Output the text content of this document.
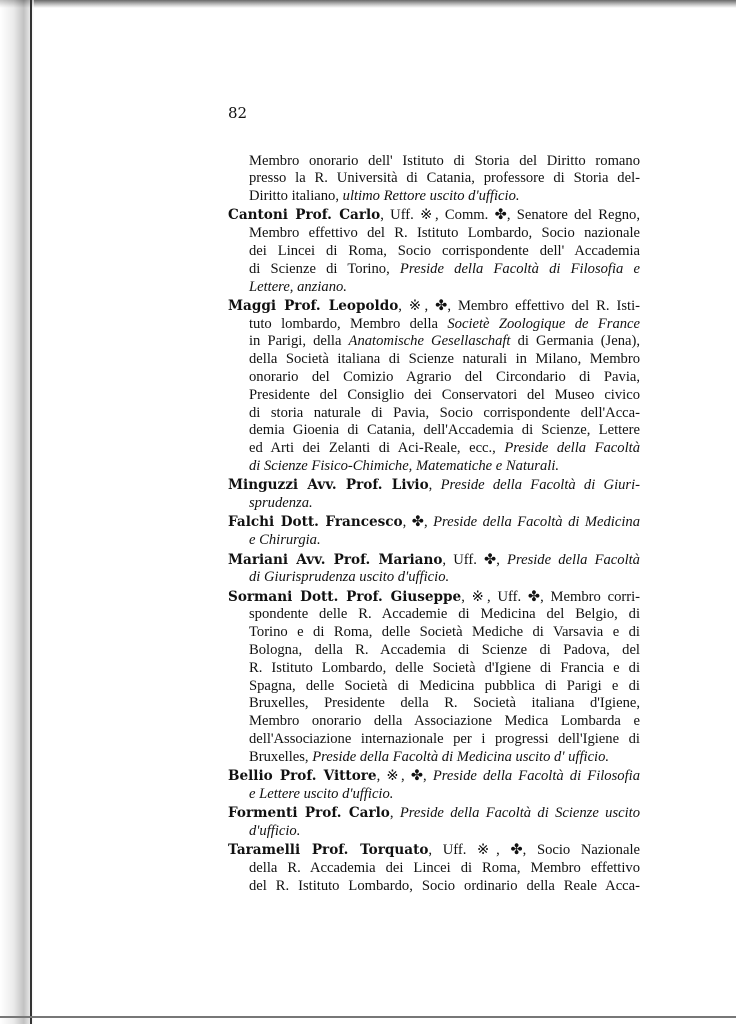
82
Membro onorario dell' Istituto di Storia del Diritto romano
presso la R. Università di Catania, professore di Storia del-
Diritto italiano, ultimo Rettore uscito d'ufficio.
Cantoni Prof. Carlo, Uff. ※, Comm. ✤, Senatore del Regno,
Membro effettivo del R. Istituto Lombardo, Socio nazionale
dei Lincei di Roma, Socio corrispondente dell' Accademia
di Scienze di Torino, Preside della Facoltà di Filosofia e
Lettere, anziano.
Maggi Prof. Leopoldo, ※, ✤, Membro effettivo del R. Isti-
tuto lombardo, Membro della Societè Zoologique de France
in Parigi, della Anatomische Gesellaschaft di Germania (Jena),
della Società italiana di Scienze naturali in Milano, Membro
onorario del Comizio Agrario del Circondario di Pavia,
Presidente del Consiglio dei Conservatori del Museo civico
di storia naturale di Pavia, Socio corrispondente dell'Acca-
demia Gioenia di Catania, dell'Accademia di Scienze, Lettere
ed Arti dei Zelanti di Aci-Reale, ecc., Preside della Facoltà
di Scienze Fisico-Chimiche, Matematiche e Naturali.
Minguzzi Avv. Prof. Livio, Preside della Facoltà di Giuri-
sprudenza.
Falchi Dott. Francesco, ✤, Preside della Facoltà di Medicina
e Chirurgia.
Mariani Avv. Prof. Mariano, Uff. ✤, Preside della Facoltà
di Giurisprudenza uscito d'ufficio.
Sormani Dott. Prof. Giuseppe, ※, Uff. ✤, Membro corri-
spondente delle R. Accademie di Medicina del Belgio, di
Torino e di Roma, delle Società Mediche di Varsavia e di
Bologna, della R. Accademia di Scienze di Padova, del
R. Istituto Lombardo, delle Società d'Igiene di Francia e di
Spagna, delle Società di Medicina pubblica di Parigi e di
Bruxelles, Presidente della R. Società italiana d'Igiene,
Membro onorario della Associazione Medica Lombarda e
dell'Associazione internazionale per i progressi dell'Igiene di
Bruxelles, Preside della Facoltà di Medicina uscito d' ufficio.
Bellio Prof. Vittore, ※, ✤, Preside della Facoltà di Filosofia
e Lettere uscito d'ufficio.
Formenti Prof. Carlo, Preside della Facoltà di Scienze uscito
d'ufficio.
Taramelli Prof. Torquato, Uff. ※, ✤, Socio Nazionale
della R. Accademia dei Lincei di Roma, Membro effettivo
del R. Istituto Lombardo, Socio ordinario della Reale Acca-
